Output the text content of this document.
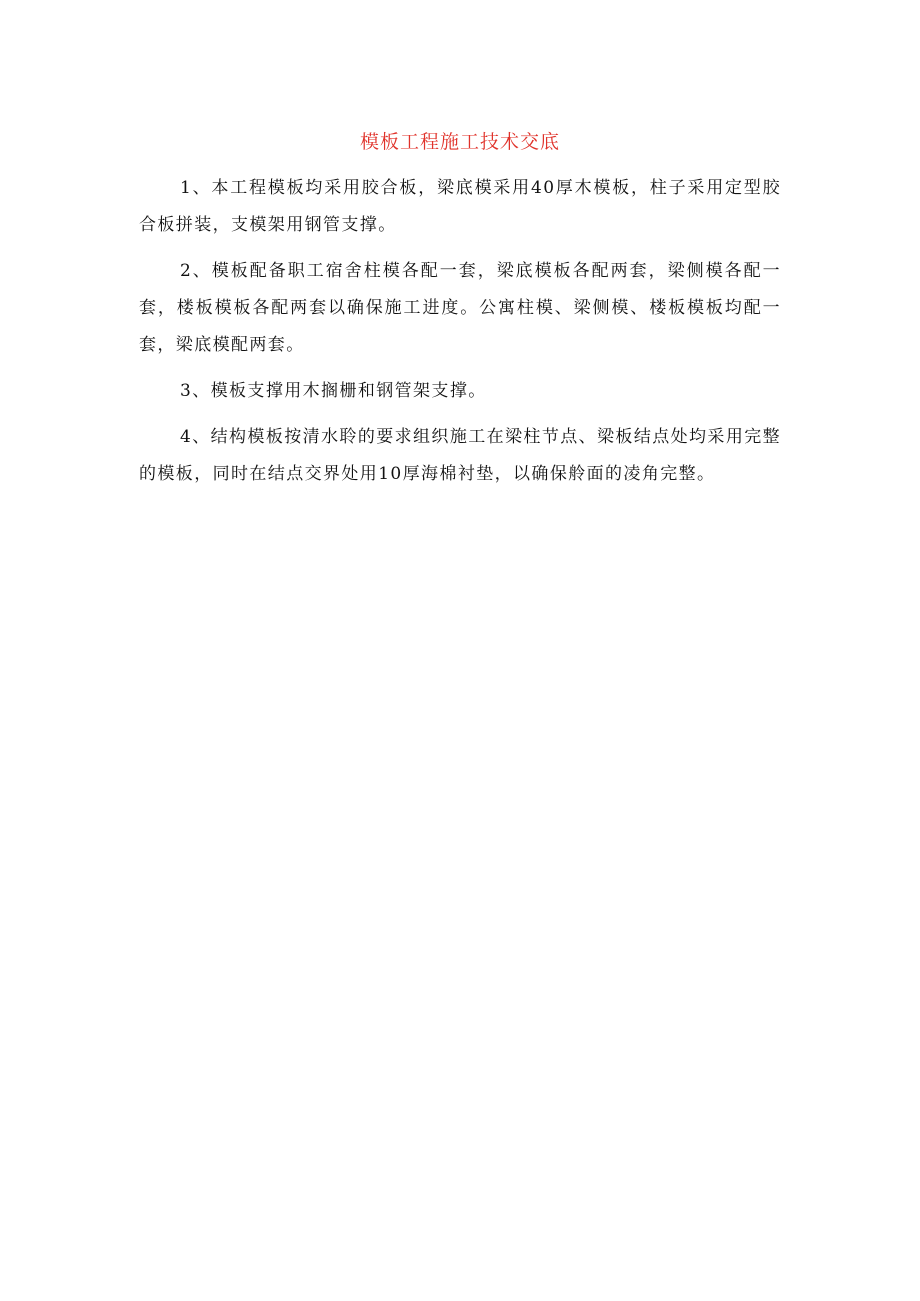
模板工程施工技术交底

1、本工程模板均采用胶合板，梁底模采用40厚木模板，柱子采用定型胶合板拼装，支模架用钢管支撑。

2、模板配备职工宿舍柱模各配一套，梁底模板各配两套，梁侧模各配一套，楼板模板各配两套以确保施工进度。公寓柱模、梁侧模、楼板模板均配一套，梁底模配两套。

3、模板支撑用木搁栅和钢管架支撑。

4、结构模板按清水聆的要求组织施工在梁柱节点、梁板结点处均采用完整的模板，同时在结点交界处用10厚海棉衬垫，以确保舲面的凌角完整。
